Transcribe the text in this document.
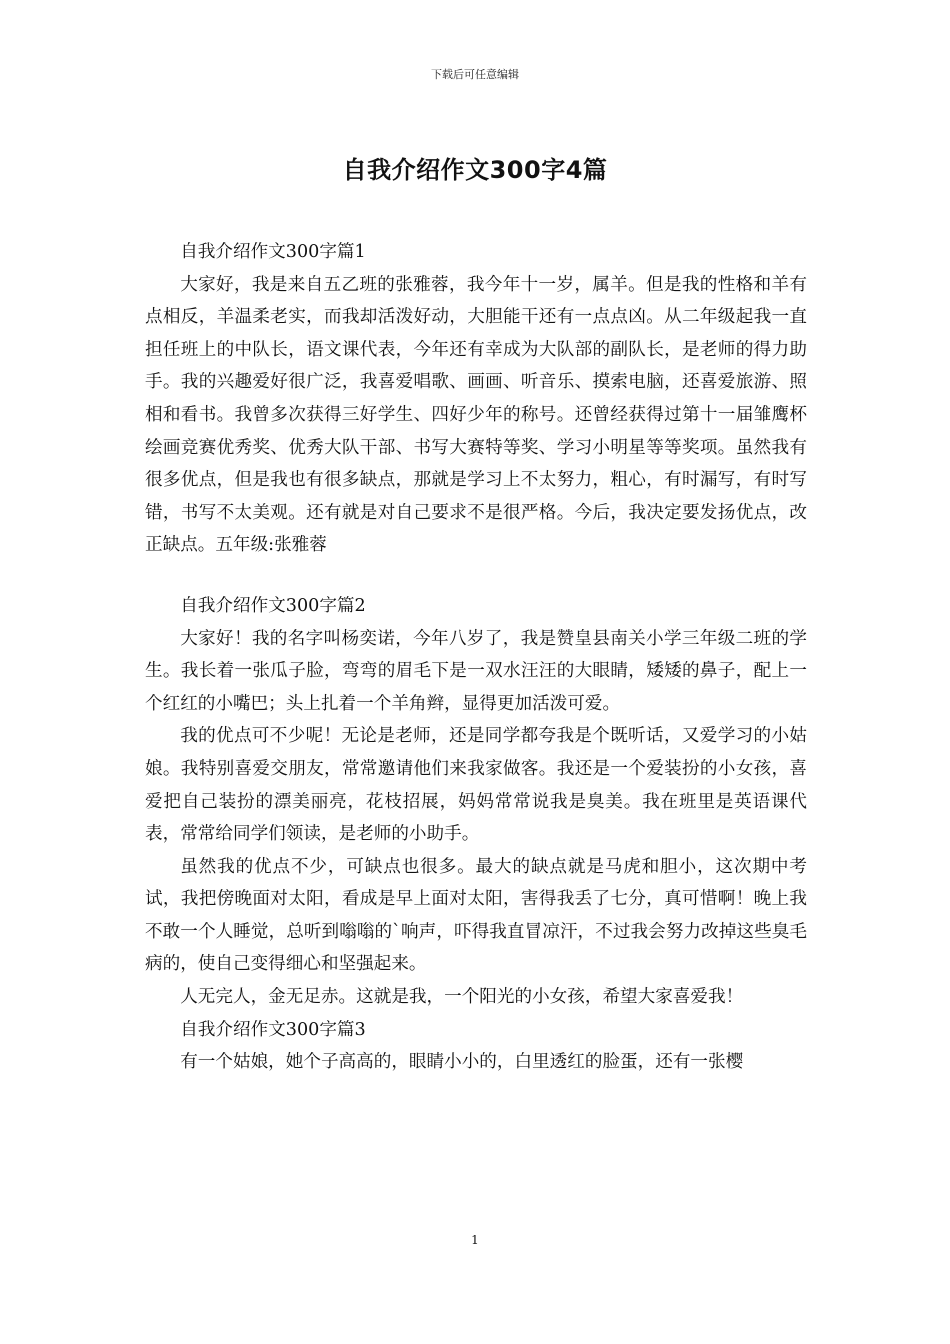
下载后可任意编辑
自我介绍作文300字4篇

自我介绍作文300字篇1

大家好，我是来自五乙班的张雅蓉，我今年十一岁，属羊。但是我的性格和羊有点相反，羊温柔老实，而我却活泼好动，大胆能干还有一点点凶。从二年级起我一直担任班上的中队长，语文课代表，今年还有幸成为大队部的副队长，是老师的得力助手。我的兴趣爱好很广泛，我喜爱唱歌、画画、听音乐、摸索电脑，还喜爱旅游、照相和看书。我曾多次获得三好学生、四好少年的称号。还曾经获得过第十一届雏鹰杯绘画竞赛优秀奖、优秀大队干部、书写大赛特等奖、学习小明星等等奖项。虽然我有很多优点，但是我也有很多缺点，那就是学习上不太努力，粗心，有时漏写，有时写错，书写不太美观。还有就是对自己要求不是很严格。今后，我决定要发扬优点，改正缺点。五年级:张雅蓉

自我介绍作文300字篇2

大家好！我的名字叫杨奕诺，今年八岁了，我是赞皇县南关小学三年级二班的学生。我长着一张瓜子脸，弯弯的眉毛下是一双水汪汪的大眼睛，矮矮的鼻子，配上一个红红的小嘴巴；头上扎着一个羊角辫，显得更加活泼可爱。

我的优点可不少呢！无论是老师，还是同学都夸我是个既听话，又爱学习的小姑娘。我特别喜爱交朋友，常常邀请他们来我家做客。我还是一个爱装扮的小女孩，喜爱把自己装扮的漂美丽亮，花枝招展，妈妈常常说我是臭美。我在班里是英语课代表，常常给同学们领读，是老师的小助手。

虽然我的优点不少，可缺点也很多。最大的缺点就是马虎和胆小，这次期中考试，我把傍晚面对太阳，看成是早上面对太阳，害得我丢了七分，真可惜啊！晚上我不敢一个人睡觉，总听到嗡嗡的`响声，吓得我直冒凉汗，不过我会努力改掉这些臭毛病的，使自己变得细心和坚强起来。

人无完人，金无足赤。这就是我，一个阳光的小女孩，希望大家喜爱我！

自我介绍作文300字篇3

有一个姑娘，她个子高高的，眼睛小小的，白里透红的脸蛋，还有一张樱

1
